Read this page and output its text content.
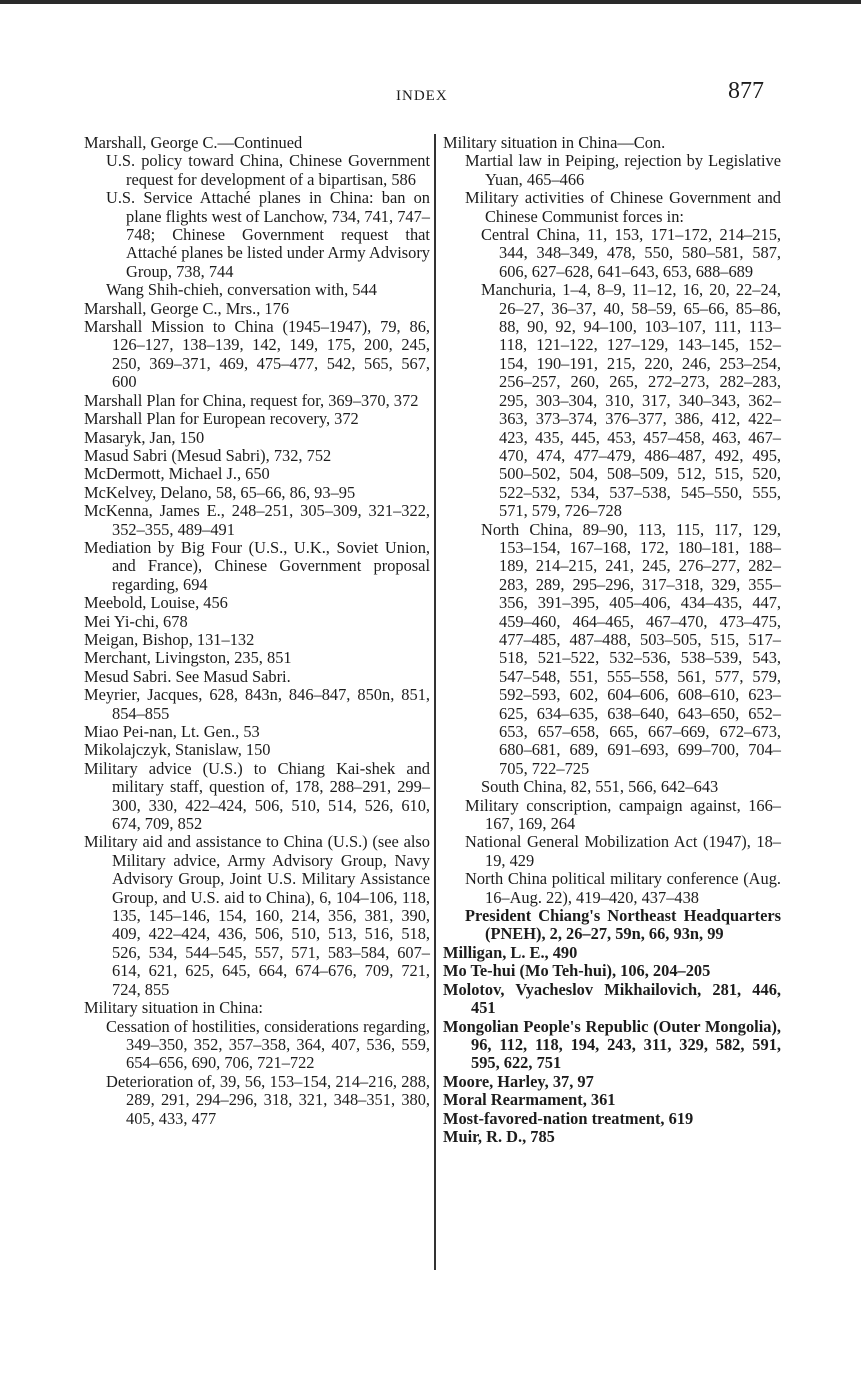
INDEX	877

Marshall, George C.—Continued

U.S. policy toward China, Chinese Government request for development of a bipartisan, 586

U.S. Service Attaché planes in China: ban on plane flights west of Lanchow, 734, 741, 747–748; Chinese Government request that Attaché planes be listed under Army Advisory Group, 738, 744

Wang Shih-chieh, conversation with, 544

Marshall, George C., Mrs., 176

Marshall Mission to China (1945–1947), 79, 86, 126–127, 138–139, 142, 149, 175, 200, 245, 250, 369–371, 469, 475–477, 542, 565, 567, 600

Marshall Plan for China, request for, 369–370, 372

Marshall Plan for European recovery, 372

Masaryk, Jan, 150

Masud Sabri (Mesud Sabri), 732, 752

McDermott, Michael J., 650

McKelvey, Delano, 58, 65–66, 86, 93–95

McKenna, James E., 248–251, 305–309, 321–322, 352–355, 489–491

Mediation by Big Four (U.S., U.K., Soviet Union, and France), Chinese Government proposal regarding, 694

Meebold, Louise, 456

Mei Yi-chi, 678

Meigan, Bishop, 131–132

Merchant, Livingston, 235, 851

Mesud Sabri. See Masud Sabri.

Meyrier, Jacques, 628, 843n, 846–847, 850n, 851, 854–855

Miao Pei-nan, Lt. Gen., 53

Mikolajczyk, Stanislaw, 150

Military advice (U.S.) to Chiang Kai-shek and military staff, question of, 178, 288–291, 299–300, 330, 422–424, 506, 510, 514, 526, 610, 674, 709, 852

Military aid and assistance to China (U.S.) (see also Military advice, Army Advisory Group, Navy Advisory Group, Joint U.S. Military Assistance Group, and U.S. aid to China), 6, 104–106, 118, 135, 145–146, 154, 160, 214, 356, 381, 390, 409, 422–424, 436, 506, 510, 513, 516, 518, 526, 534, 544–545, 557, 571, 583–584, 607–614, 621, 625, 645, 664, 674–676, 709, 721, 724, 855

Military situation in China:

Cessation of hostilities, considerations regarding, 349–350, 352, 357–358, 364, 407, 536, 559, 654–656, 690, 706, 721–722

Deterioration of, 39, 56, 153–154, 214–216, 288, 289, 291, 294–296, 318, 321, 348–351, 380, 405, 433, 477

Military situation in China—Con.

Martial law in Peiping, rejection by Legislative Yuan, 465–466

Military activities of Chinese Government and Chinese Communist forces in:

Central China, 11, 153, 171–172, 214–215, 344, 348–349, 478, 550, 580–581, 587, 606, 627–628, 641–643, 653, 688–689

Manchuria, 1–4, 8–9, 11–12, 16, 20, 22–24, 26–27, 36–37, 40, 58–59, 65–66, 85–86, 88, 90, 92, 94–100, 103–107, 111, 113–118, 121–122, 127–129, 143–145, 152–154, 190–191, 215, 220, 246, 253–254, 256–257, 260, 265, 272–273, 282–283, 295, 303–304, 310, 317, 340–343, 362–363, 373–374, 376–377, 386, 412, 422–423, 435, 445, 453, 457–458, 463, 467–470, 474, 477–479, 486–487, 492, 495, 500–502, 504, 508–509, 512, 515, 520, 522–532, 534, 537–538, 545–550, 555, 571, 579, 726–728

North China, 89–90, 113, 115, 117, 129, 153–154, 167–168, 172, 180–181, 188–189, 214–215, 241, 245, 276–277, 282–283, 289, 295–296, 317–318, 329, 355–356, 391–395, 405–406, 434–435, 447, 459–460, 464–465, 467–470, 473–475, 477–485, 487–488, 503–505, 515, 517–518, 521–522, 532–536, 538–539, 543, 547–548, 551, 555–558, 561, 577, 579, 592–593, 602, 604–606, 608–610, 623–625, 634–635, 638–640, 643–650, 652–653, 657–658, 665, 667–669, 672–673, 680–681, 689, 691–693, 699–700, 704–705, 722–725

South China, 82, 551, 566, 642–643

Military conscription, campaign against, 166–167, 169, 264

National General Mobilization Act (1947), 18–19, 429

North China political military conference (Aug. 16–Aug. 22), 419–420, 437–438

President Chiang's Northeast Headquarters (PNEH), 2, 26–27, 59n, 66, 93n, 99

Milligan, L. E., 490

Mo Te-hui (Mo Teh-hui), 106, 204–205

Molotov, Vyacheslov Mikhailovich, 281, 446, 451

Mongolian People's Republic (Outer Mongolia), 96, 112, 118, 194, 243, 311, 329, 582, 591, 595, 622, 751

Moore, Harley, 37, 97

Moral Rearmament, 361

Most-favored-nation treatment, 619

Muir, R. D., 785
